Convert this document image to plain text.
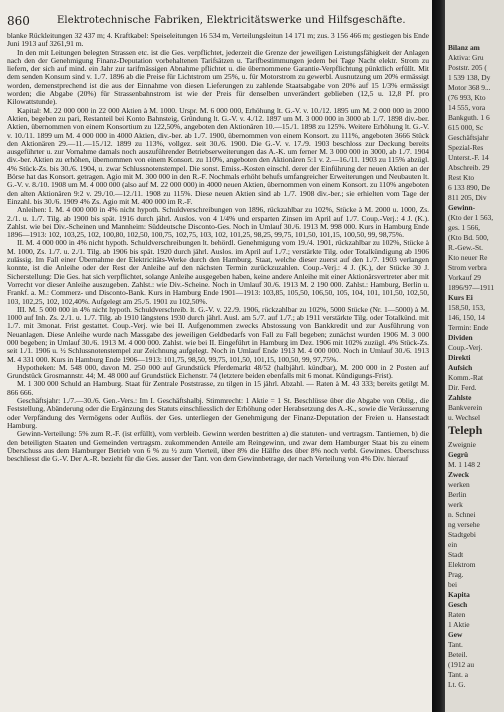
860	Elektrotechnische Fabriken, Elektricitätswerke und Hilfsgeschäfte.

blanke Rückleitungen 32 437 m; 4. Kraftkabel: Speiseleitungen 16 534 m, Verteilungsleitun 14 171 m; zus. 3 156 466 m; gestiegen bis Ende Juni 1913 auf 3261,91 m.

In den mit Leitungen belegten Strassen etc. ist die Ges. verpflichtet, jederzeit die Grenze der jeweiligen Leistungsfähigkeit der Anlagen nach den der Genehmigung Finanz-Deputation vorbehaltenen Tarifsätzen u. Tarifbestimmungen jedem bei Tage Nacht elektr. Strom zu liefern, der sich auf mind. ein Jahr zur tarifmässigen Abnahme pflichtet u. die übernommene Garantie-Verpflichtung pünktlich erfüllt. Mit dem senden Konsum sind v. 1./7. 1896 ab die Preise für Lichtstrom um 25%, u. für Motorstrom zu gewerbl. Ausnutzung um 20% ermässigt worden, demenstprechend ist die aus der Einnahme von diesen Lieferungen zu zahlende Staatsabgabe von 20% auf 15 1/3% ermässigt worden; die Abgabe (20%) für Strassenbahnstrom ist wie der Preis für denselben unverändert geblieben (12,5 u. 12,8 Pf. pro Kilowattstunde).

Kapital: M. 22 000 000 in 22 000 Aktien à M. 1000. Urspr. M. 6 000 000, Erhöhung lt. G.-V. v. 10./12. 1895 um M. 2 000 000 in 2000 Aktien, begeben zu pari, Restanteil bei Konto Bahnsteig, Gründung lt. G.-V. v. 4./12. 1897 um M. 3 000 000 in 3000 ab 1./7. 1898 div.-ber. Aktien, übernommen von einem Konsortium zu 122,50%, angeboten den Aktionären 10.—15./1. 1898 zu 125%. Weitere Erhöhung lt. G.-V. v. 10./11. 1899 um M. 4 000 000 in 4000 Aktien, div.-ber. ab 1./7. 1900, übernommen von einem Konsort. zu 111%, angeboten 3666 Stück den Aktionären 29.—11.—15./12. 1899 zu 113%, vollgez. seit 30./6. 1900. Die G.-V. v. 17./9. 1903 beschloss zur Deckung bereits ausgeführter u. zur Vornahme damals noch auszuführender Betriebserweiterungen das A.-K. um ferner M. 3 000 000 in 3000, ab 1./7. 1904 div.-ber. Aktien zu erhöhen, übernommen von einem Konsort. zu 110%, angeboten den Aktionären 5:1 v. 2.—16./11. 1903 zu 115% abzügl. 4% Stück-Zs. bis 30./6. 1904, u. zwar Schlussnotenstempel. Die sonst. Emiss.-Kosten einschl. derer der Einführung der neuen Aktien an der Börse hat das Konsort. getragen. Agio mit M. 300 000 in den R.-F. Nochmals erhöht behufs umfangreicher Erweiterungen und Neubauten lt. G.-V. v. 8./10. 1908 um M. 4 000 000 (also auf M. 22 000 000) in 4000 neuen Aktien, übernommen von einem Konsort. zu 110% angeboten den alten Aktionären 9:2 v. 29./10.—12./11. 1908 zu 115%. Diese neuen Aktien sind ab 1./7. 1908 div.-ber.; sie erhielten vom Tage der Einzahl. bis 30./6. 1909 4% Zs. Agio mit M. 400 000 im R.-F.

Anleihen: I. M. 4 000 000 in 4% nicht hypoth. Schuldverschreibungen von 1896, rückzahlbar zu 102%, Stücke à M. 2000 u. 1000, Zs. 2./1. u. 1./7. Tilg. ab 1900 bis spät. 1916 durch jährl. Auslos. von 4 1/4% und ersparten Zinsen im April auf 1./7. Coup.-Verj.: 4 J. (K.). Zahlst. wie bei Div.-Scheinen und Mannheim: Süddeutsche Disconto-Ges. Noch in Umlauf 30./6. 1913 M. 998 000. Kurs in Hamburg Ende 1896—1913: 102, 103,25, 102, 100,80, 102,50, 100,75, 102,75, 103, 102, 101,25, 98,25, 99,75, 101,50, 101,15, 100,50, 99, 98,75%.

II. M. 4 000 000 in 4% nicht hypoth. Schuldverschreibungen lt. behördl. Genehmigung vom 19./4. 1901, rückzahlbar zu 102%, Stücke à M. 1000, Zs. 1./7. u. 2./1. Tilg. ab 1906 bis spät. 1920 durch jährl. Auslos. im April auf 1./7.; verstärkte Tilg. oder Totalkündigung ab 1906 zulässig. Im Fall einer Übernahme der Elektricitäts-Werke durch den Hamburg. Staat, welche dieser zuerst auf den 1./7. 1903 verlangen konnte, ist die Anleihe oder der Rest der Anleihe auf den nächsten Termin zurückzuzahlen. Coup.-Verj.: 4 J. (K.), der Stücke 30 J. Sicherstellung: Die Ges. hat sich verpflichtet, solange Anleihe ausgegeben haben, keine andere Anleihe mit einer Aktionärsvertreter aber mit Vorrecht vor dieser Anleihe auszugeben. Zahlst.: wie Div.-Scheine. Noch in Umlauf 30./6. 1913 M. 2 190 000. Zahlst.: Hamburg, Berlin u. Frankf. a. M.: Commerz- und Disconto-Bank. Kurs in Hamburg Ende 1901—1913: 103,85, 105,50, 106,50, 105, 104, 101, 101,50, 102,50, 103, 102,25, 102, 102,40%. Aufgelegt am 25./5. 1901 zu 102,50%.

III. M. 5 000 000 in 4% nicht hypoth. Schuldverschreib. lt. G.-V. v. 22./9. 1906, rückzahlbar zu 102%, 5000 Stücke (Nr. 1—5000) à M. 1000 auf Inh. Zs. 2./1. u. 1./7. Tilg. ab 1910 längstens 1930 durch jährl. Ausl. am 5./7. auf 1./7.; ab 1911 verstärkte Tilg. oder Totalkünd. mit 1./7. mit 3monat. Frist gestattet. Coup.-Verj. wie bei II. Aufgenommen zwecks Abstossung von Bankkredit und zur Ausführung von Neuanlagen. Diese Anleihe wurde nach Massgabe des jeweiligen Geldbedarfs von Fall zu Fall begeben; zunächst wurden 1906 M. 3 000 000 begeben; in Umlauf 30./6. 1913 M. 4 000 000. Zahlst. wie bei II. Eingeführt in Hamburg im Dez. 1906 mit 102% zuzügl. 4% Stück-Zs. seit 1./1. 1906 u. ½ Schlussnotenstempel zur Zeichnung aufgelegt. Noch in Umlauf Ende 1913 M. 4 000 000. Noch in Umlauf 30./6. 1913 M. 4 331 000. Kurs in Hamburg Ende 1906—1913: 101,75, 98,50, 99,75, 101,50, 101,15, 100,50, 99, 97,75%.

Hypotheken: M. 548 000, davon M. 250 000 auf Grundstück Pferdemarkt 48/52 (halbjährl. kündbar), M. 200 000 in 2 Posten auf Grundstück Grosmannstr. 44; M. 48 000 auf Grundstück Eichenstr. 74 (letztere beiden ebenfalls mit 6 monat. Kündigungs-Frist).

M. 1 300 000 Schuld an Hamburg. Staat für Zentrale Poststrasse, zu tilgen in 15 jährl. Abzahl. — Raten à M. 43 333; bereits getilgt M. 866 666.

Geschäftsjahr: 1./7.—30./6. Gen.-Vers.: Im I. Geschäftshalbj. Stimmrecht: 1 Aktie = 1 St. Beschlüsse über die Abgabe von Oblig., die Feststellung, Abänderung oder die Ergänzung des Statuts einschliesslich der Erhöhung oder Herabsetzung des A.-K., sowie die Veräusserung oder Verpfändung des Vermögens oder Auflös. der Ges. unterliegen der Genehmigung der Finanz-Deputation der Freien u. Hansestadt Hamburg.

Gewinn-Verteilung: 5% zum R.-F. (ist erfüllt), vom verbleib. Gewinn werden bestritten a) die statuten- und vertragsm. Tantiemen, b) die den beteiligten Staaten und Gemeinden vertragsm. zukommenden Anteile am Reingewinn, und zwar dem Hamburger Staat bis zu einem Überschuss aus dem Hamburger Betrieb von 6 % zu ½ zum Vierteil, über 8% die Hälfte des über 8% noch verbl. Gewinnes. Überschuss beschliesst die G.-V. Der A.-R. bezieht für die Ges. ausser der Tant. von dem Gewinnbetrage, der nach Verteilung von 4% Div. hierauf

Bilanz am
Aktiva: Gru
Poststr. 205 (
1 539 138, Dy
Motor 368 9...
(76 993, Kto
14 555, vora
Bankguth. 1 6
615 000, Sc
Geschäftsjahr
Spezial-Res
Unterst.-F. 14
Abschreib. 29
Rest Kto
6 133 890, De
811 205, Div
Gewinn-
(Kto der 1 563,
ges. 1 566,
(Kto Bd. 500,
R.-Gew.-St.
Kto neuer Re
Strom verbra
Vorkauf 29
1896/97—1911
Kurs Ei
158,50, 153,
146, 150, 14
Termin: Ende
Dividen
Coup.-Verj.
Direkti
Aufsich
Komm.-Rat
Dir. Ferd.
Zahlste
Bankverein
u. Wechsel
Teleph
Zweignie
Gegrü
M. 1 148 2
Zweck
werken
Berlin
werk
n. Schnei
ng versehe
Stadtgebi
ein
Stadt
Elektrom
Prag.
bei
Kapita
Gesch
Raten
1 Aktie
Gew
Tant.
Beteil.
(1912 au
Tant. a
Lt. G.
